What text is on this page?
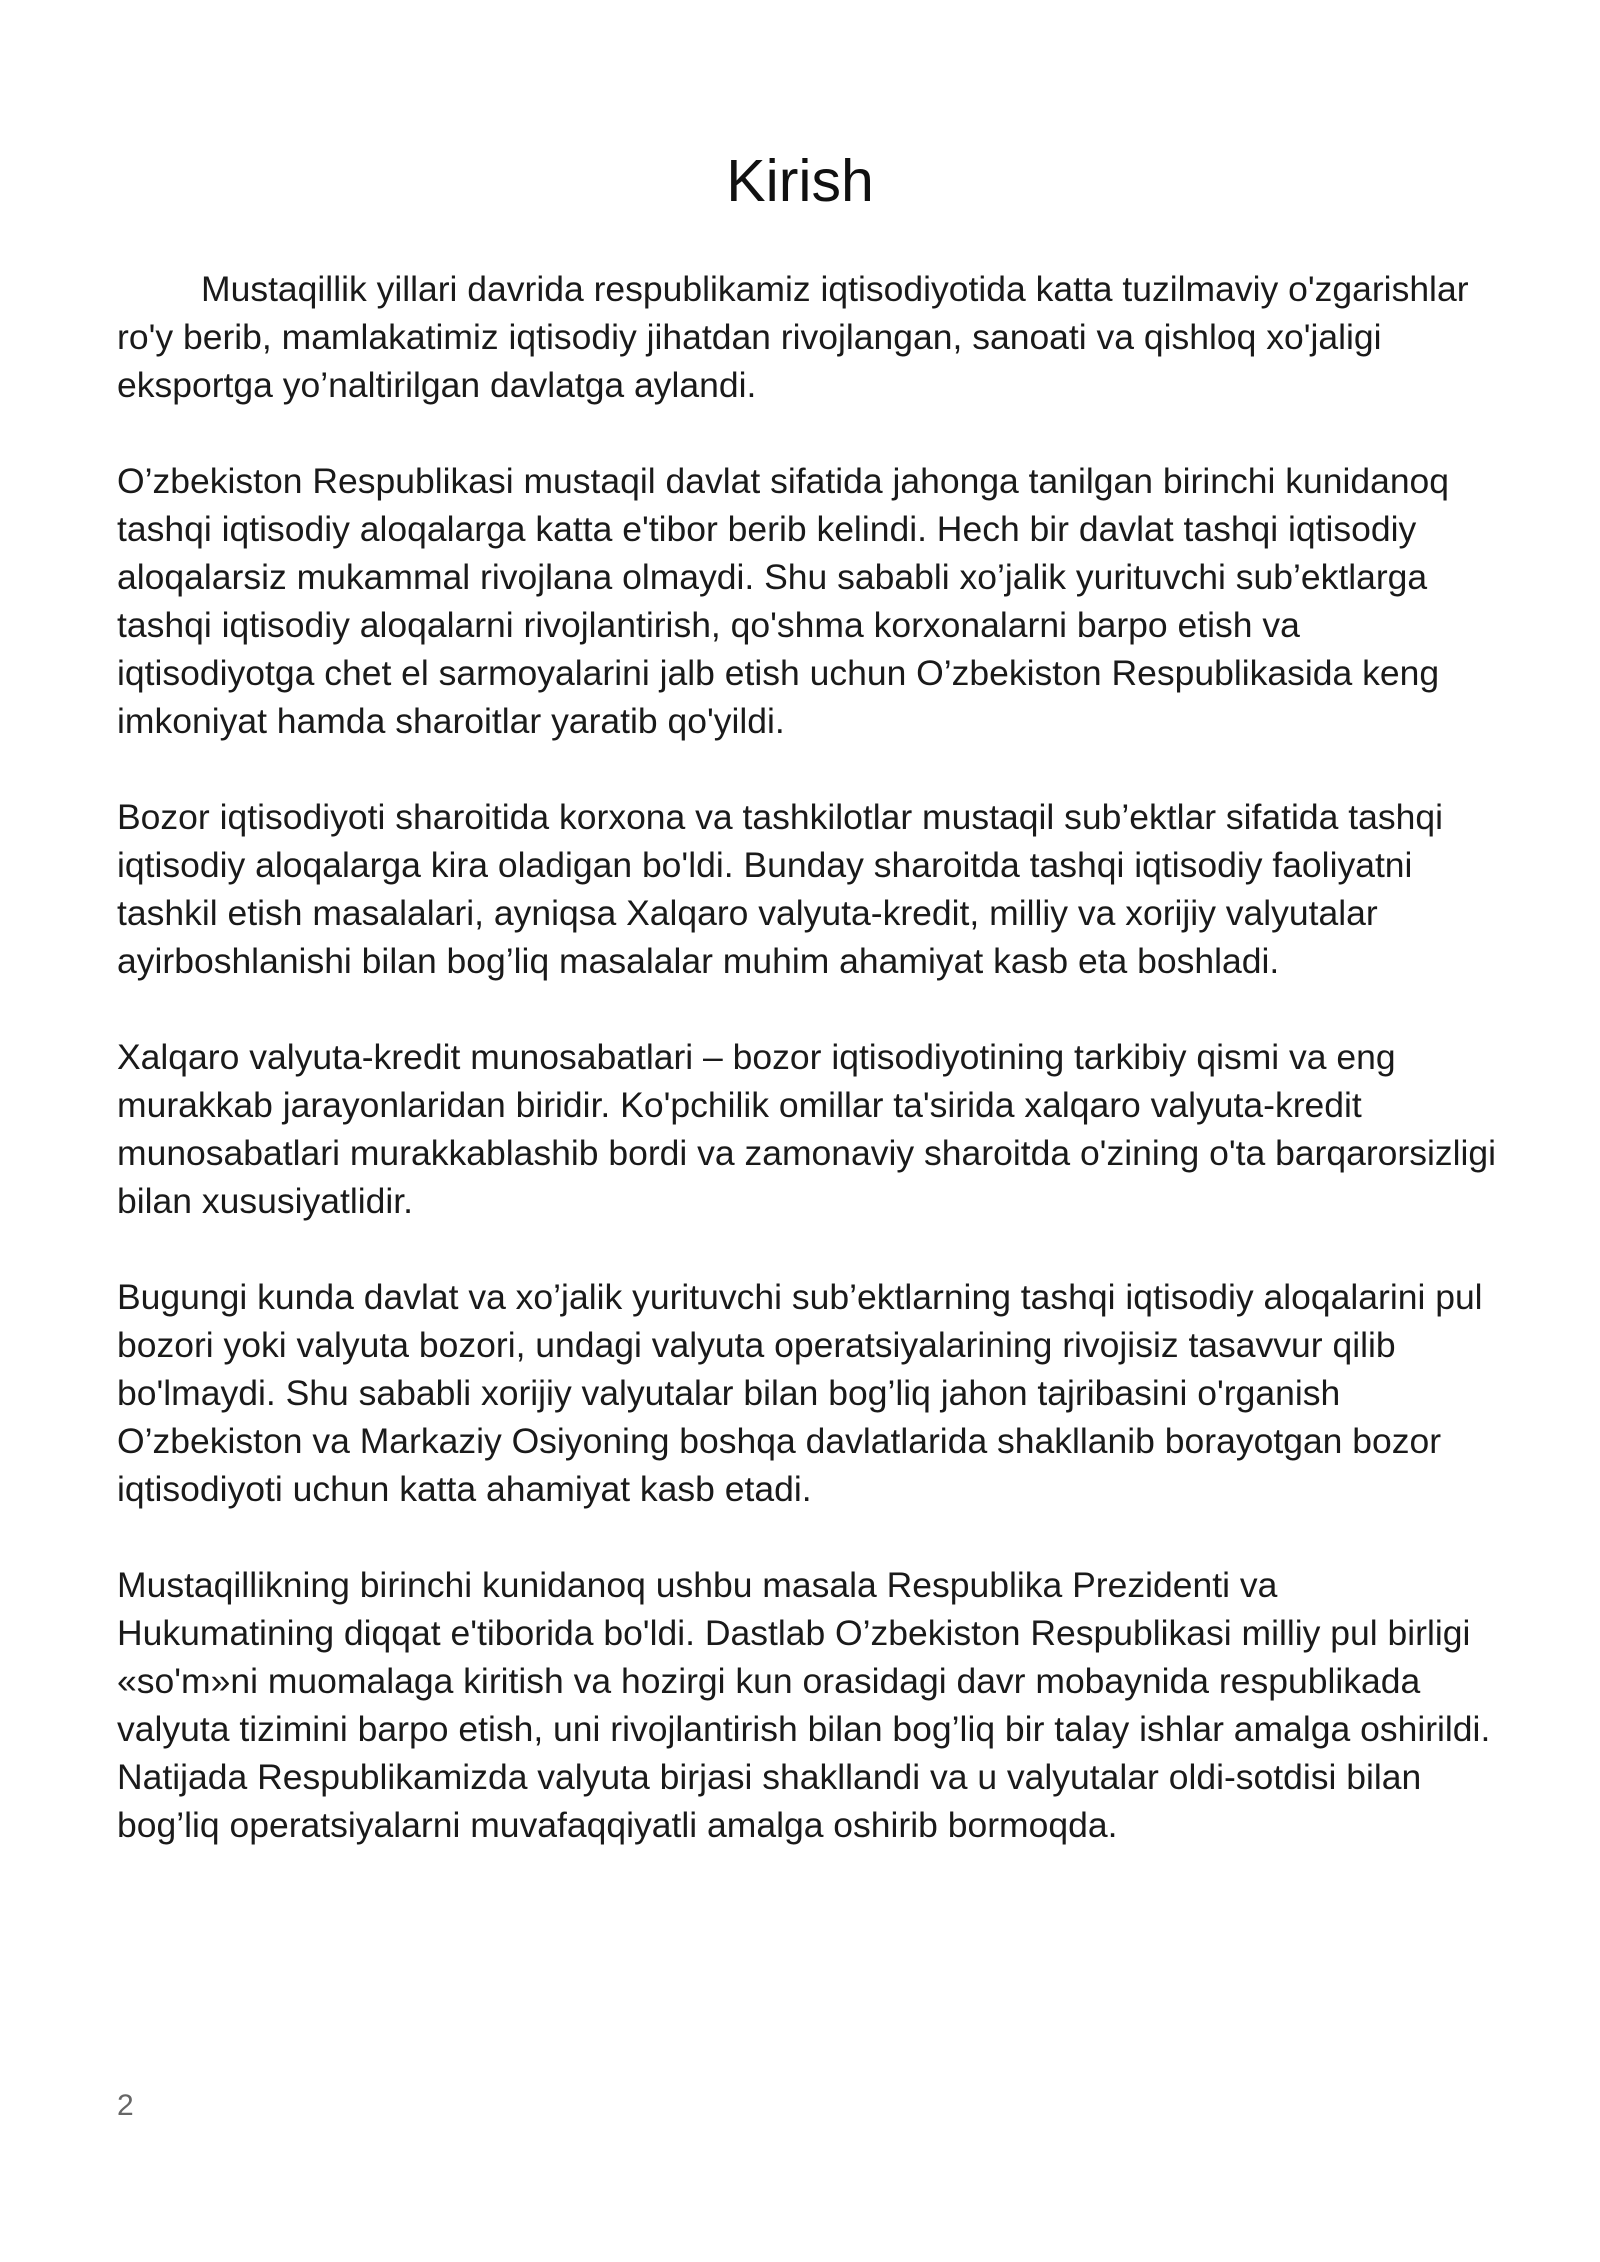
Kirish

Mustaqillik yillari davrida respublikamiz iqtisodiyotida katta tuzilmaviy o'zgarishlar ro'y berib, mamlakatimiz iqtisodiy jihatdan rivojlangan, sanoati va qishloq xo'jaligi eksportga yo’naltirilgan davlatga aylandi.

O’zbekiston Respublikasi mustaqil davlat sifatida jahonga tanilgan birinchi kunidanoq tashqi iqtisodiy aloqalarga katta e'tibor berib kelindi. Hech bir davlat tashqi iqtisodiy aloqalarsiz mukammal rivojlana olmaydi. Shu sababli xo’jalik yurituvchi sub’ektlarga tashqi iqtisodiy aloqalarni rivojlantirish, qo'shma korxonalarni barpo etish va iqtisodiyotga chet el sarmoyalarini jalb etish uchun O’zbekiston Respublikasida keng imkoniyat hamda sharoitlar yaratib qo'yildi.

Bozor iqtisodiyoti sharoitida korxona va tashkilotlar mustaqil sub’ektlar sifatida tashqi iqtisodiy aloqalarga kira oladigan bo'ldi. Bunday sharoitda tashqi iqtisodiy faoliyatni tashkil etish masalalari, ayniqsa Xalqaro valyuta-kredit, milliy va xorijiy valyutalar ayirboshlanishi bilan bog’liq masalalar muhim ahamiyat kasb eta boshladi.

Xalqaro valyuta-kredit munosabatlari – bozor iqtisodiyotining tarkibiy qismi va eng murakkab jarayonlaridan biridir. Ko'pchilik omillar ta'sirida xalqaro valyuta-kredit munosabatlari murakkablashib bordi va zamonaviy sharoitda o'zining o'ta barqarorsizligi bilan xususiyatlidir.

Bugungi kunda davlat va xo’jalik yurituvchi sub’ektlarning tashqi iqtisodiy aloqalarini pul bozori yoki valyuta bozori, undagi valyuta operatsiyalarining rivojisiz tasavvur qilib bo'lmaydi. Shu sababli xorijiy valyutalar bilan bog’liq jahon tajribasini o'rganish O’zbekiston va Markaziy Osiyoning boshqa davlatlarida shakllanib borayotgan bozor iqtisodiyoti uchun katta ahamiyat kasb etadi.

Mustaqillikning birinchi kunidanoq ushbu masala Respublika Prezidenti va Hukumatining diqqat e'tiborida bo'ldi. Dastlab O’zbekiston Respublikasi milliy pul birligi «so'm»ni muomalaga kiritish va hozirgi kun orasidagi davr mobaynida respublikada valyuta tizimini barpo etish, uni rivojlantirish bilan bog’liq bir talay ishlar amalga oshirildi. Natijada Respublikamizda valyuta birjasi shakllandi va u valyutalar oldi-sotdisi bilan bog’liq operatsiyalarni muvafaqqiyatli amalga oshirib bormoqda.

2
